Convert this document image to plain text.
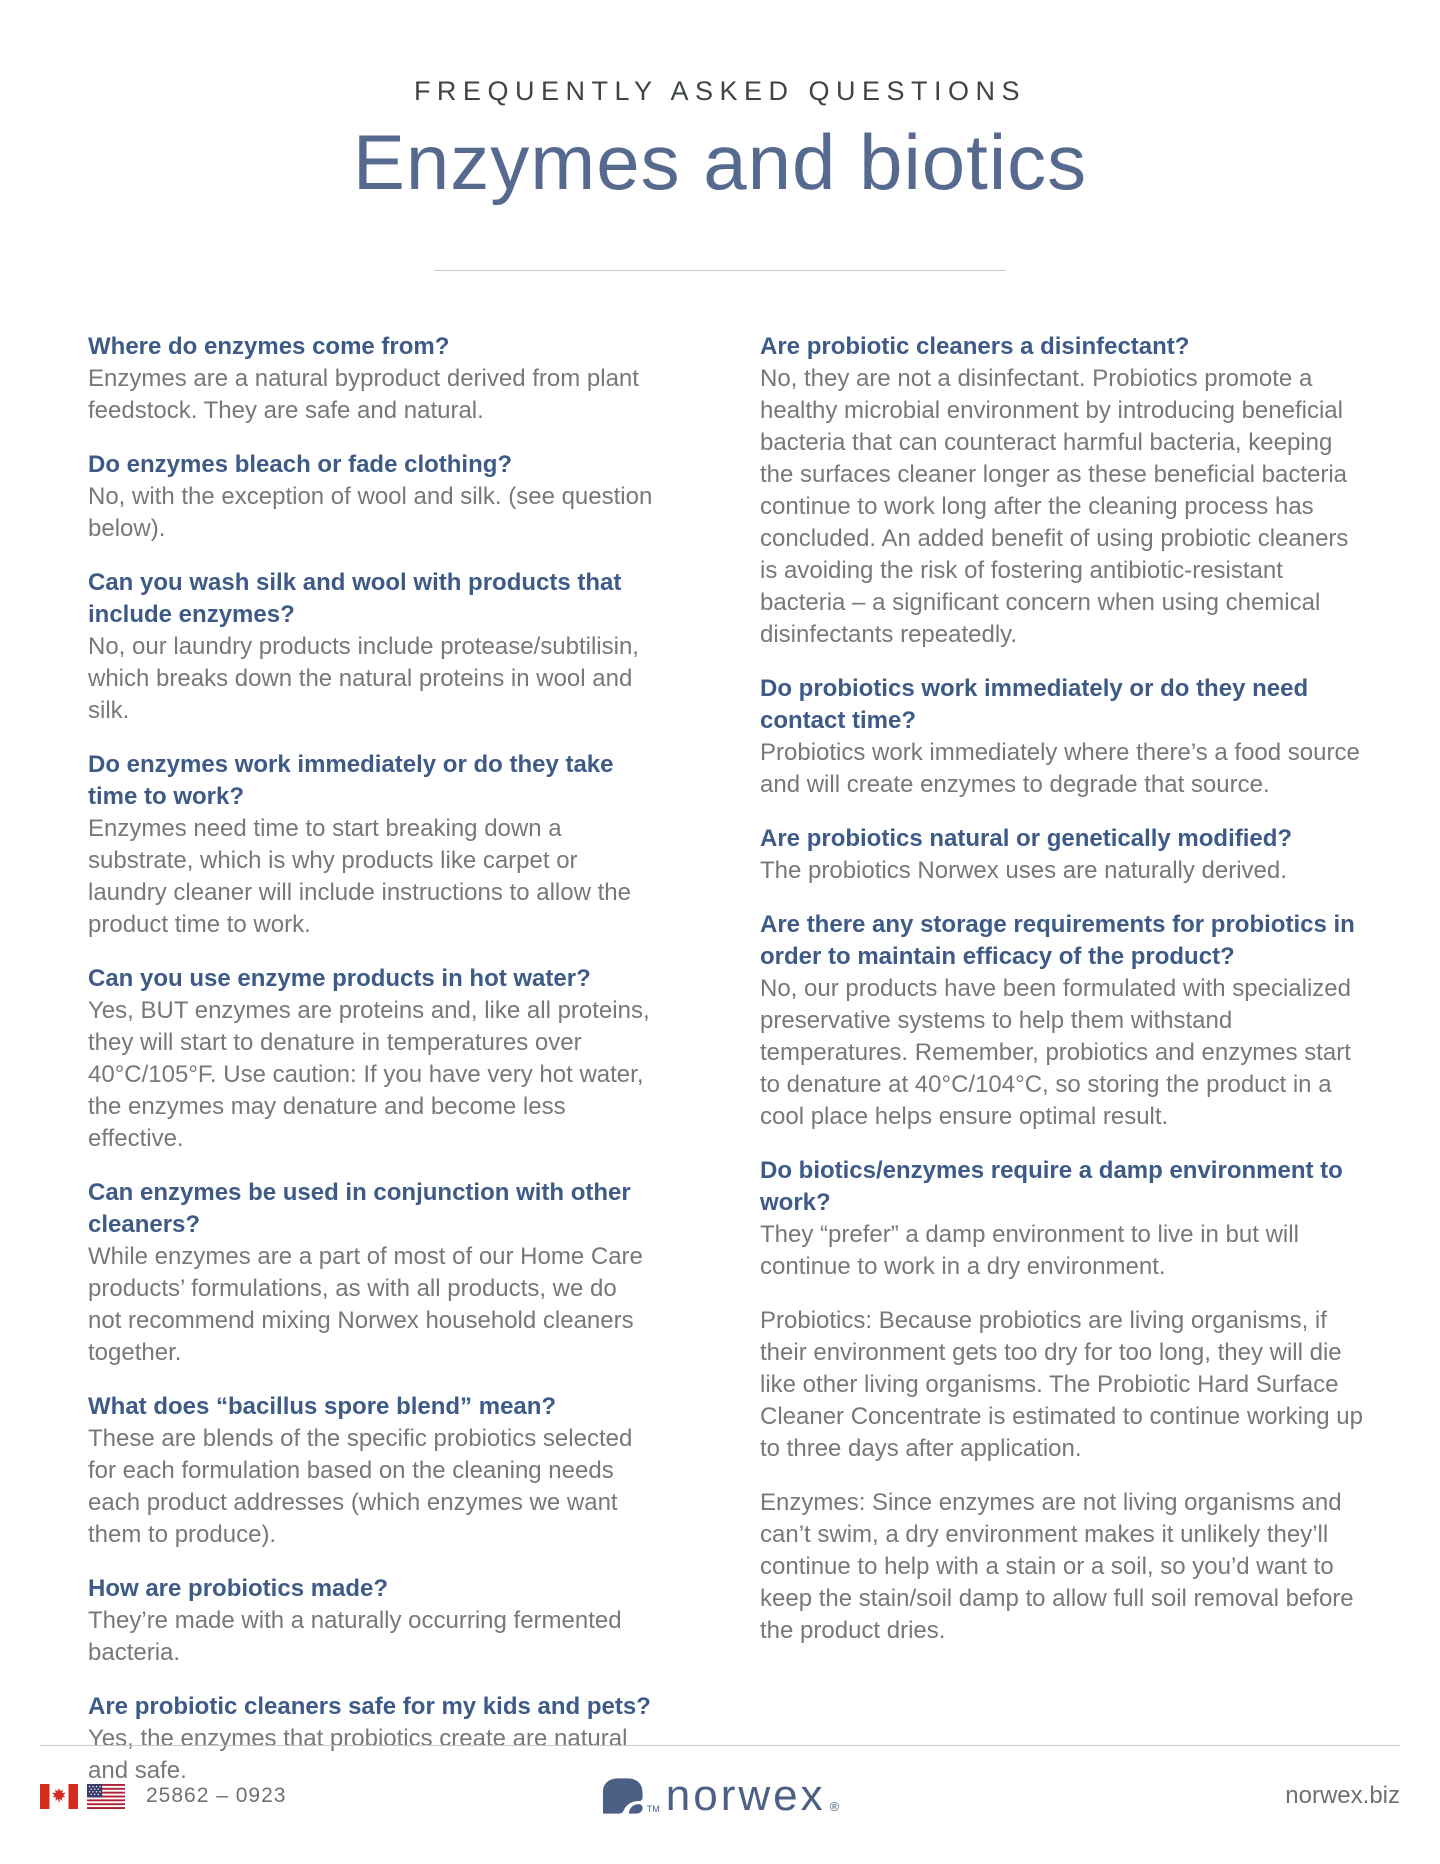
FREQUENTLY ASKED QUESTIONS
Enzymes and biotics
Where do enzymes come from?

Enzymes are a natural byproduct derived from plant feedstock. They are safe and natural.

Do enzymes bleach or fade clothing?

No, with the exception of wool and silk. (see question below).

Can you wash silk and wool with products that include enzymes?

No, our laundry products include protease/subtilisin, which breaks down the natural proteins in wool and silk.

Do enzymes work immediately or do they take time to work?

Enzymes need time to start breaking down a substrate, which is why products like carpet or laundry cleaner will include instructions to allow the product time to work.

Can you use enzyme products in hot water?

Yes, BUT enzymes are proteins and, like all proteins, they will start to denature in temperatures over 40°C/105°F. Use caution: If you have very hot water, the enzymes may denature and become less effective.

Can enzymes be used in conjunction with other cleaners?

While enzymes are a part of most of our Home Care products’ formulations, as with all products, we do not recommend mixing Norwex household cleaners together.

What does “bacillus spore blend” mean?

These are blends of the specific probiotics selected for each formulation based on the cleaning needs each product addresses (which enzymes we want them to produce).

How are probiotics made?

They’re made with a naturally occurring fermented bacteria.

Are probiotic cleaners safe for my kids and pets?

Yes, the enzymes that probiotics create are natural and safe.

Are probiotic cleaners a disinfectant?

No, they are not a disinfectant. Probiotics promote a healthy microbial environment by introducing beneficial bacteria that can counteract harmful bacteria, keeping the surfaces cleaner longer as these beneficial bacteria continue to work long after the cleaning process has concluded. An added benefit of using probiotic cleaners is avoiding the risk of fostering antibiotic-resistant bacteria – a significant concern when using chemical disinfectants repeatedly.

Do probiotics work immediately or do they need contact time?

Probiotics work immediately where there’s a food source and will create enzymes to degrade that source.

Are probiotics natural or genetically modified?

The probiotics Norwex uses are naturally derived.

Are there any storage requirements for probiotics in order to maintain efficacy of the product?

No, our products have been formulated with specialized preservative systems to help them withstand temperatures. Remember, probiotics and enzymes start to denature at 40°C/104°C, so storing the product in a cool place helps ensure optimal result.

Do biotics/enzymes require a damp environment to work?

They “prefer” a damp environment to live in but will continue to work in a dry environment.

Probiotics: Because probiotics are living organisms, if their environment gets too dry for too long, they will die like other living organisms. The Probiotic Hard Surface Cleaner Concentrate is estimated to continue working up to three days after application.

Enzymes: Since enzymes are not living organisms and can’t swim, a dry environment makes it unlikely they’ll continue to help with a stain or a soil, so you’d want to keep the stain/soil damp to allow full soil removal before the product dries.

25862 – 0923
TM norwex ®	norwex.biz
